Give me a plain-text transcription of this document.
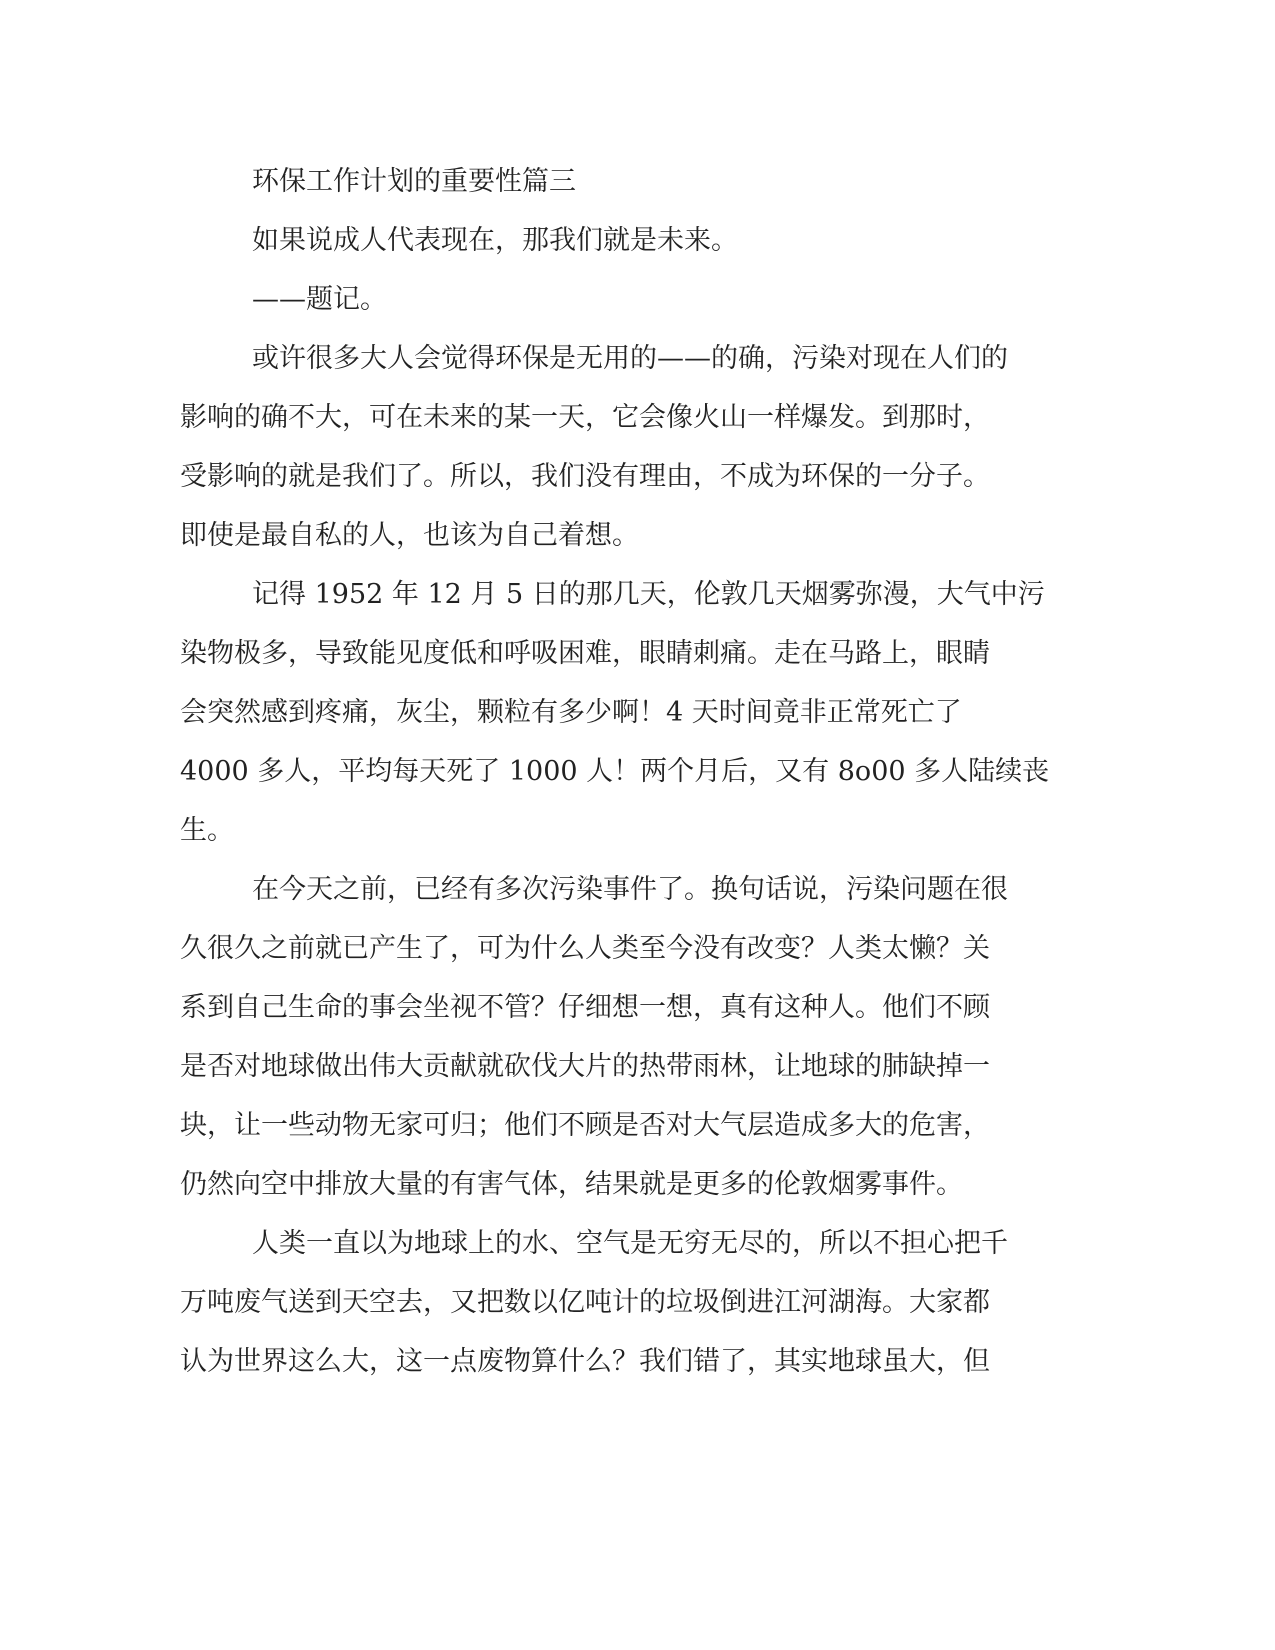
环保工作计划的重要性篇三
如果说成人代表现在，那我们就是未来。
——题记。
或许很多大人会觉得环保是无用的——的确，污染对现在人们的
影响的确不大，可在未来的某一天，它会像火山一样爆发。到那时，
受影响的就是我们了。所以，我们没有理由，不成为环保的一分子。
即使是最自私的人，也该为自己着想。
记得 1952 年 12 月 5 日的那几天，伦敦几天烟雾弥漫，大气中污
染物极多，导致能见度低和呼吸困难，眼睛刺痛。走在马路上，眼睛
会突然感到疼痛，灰尘，颗粒有多少啊！4 天时间竟非正常死亡了
4000 多人，平均每天死了 1000 人！两个月后，又有 8o00 多人陆续丧
生。
在今天之前，已经有多次污染事件了。换句话说，污染问题在很
久很久之前就已产生了，可为什么人类至今没有改变？人类太懒？关
系到自己生命的事会坐视不管？仔细想一想，真有这种人。他们不顾
是否对地球做出伟大贡献就砍伐大片的热带雨林，让地球的肺缺掉一
块，让一些动物无家可归；他们不顾是否对大气层造成多大的危害，
仍然向空中排放大量的有害气体，结果就是更多的伦敦烟雾事件。
人类一直以为地球上的水、空气是无穷无尽的，所以不担心把千
万吨废气送到天空去，又把数以亿吨计的垃圾倒进江河湖海。大家都
认为世界这么大，这一点废物算什么？我们错了，其实地球虽大，但
